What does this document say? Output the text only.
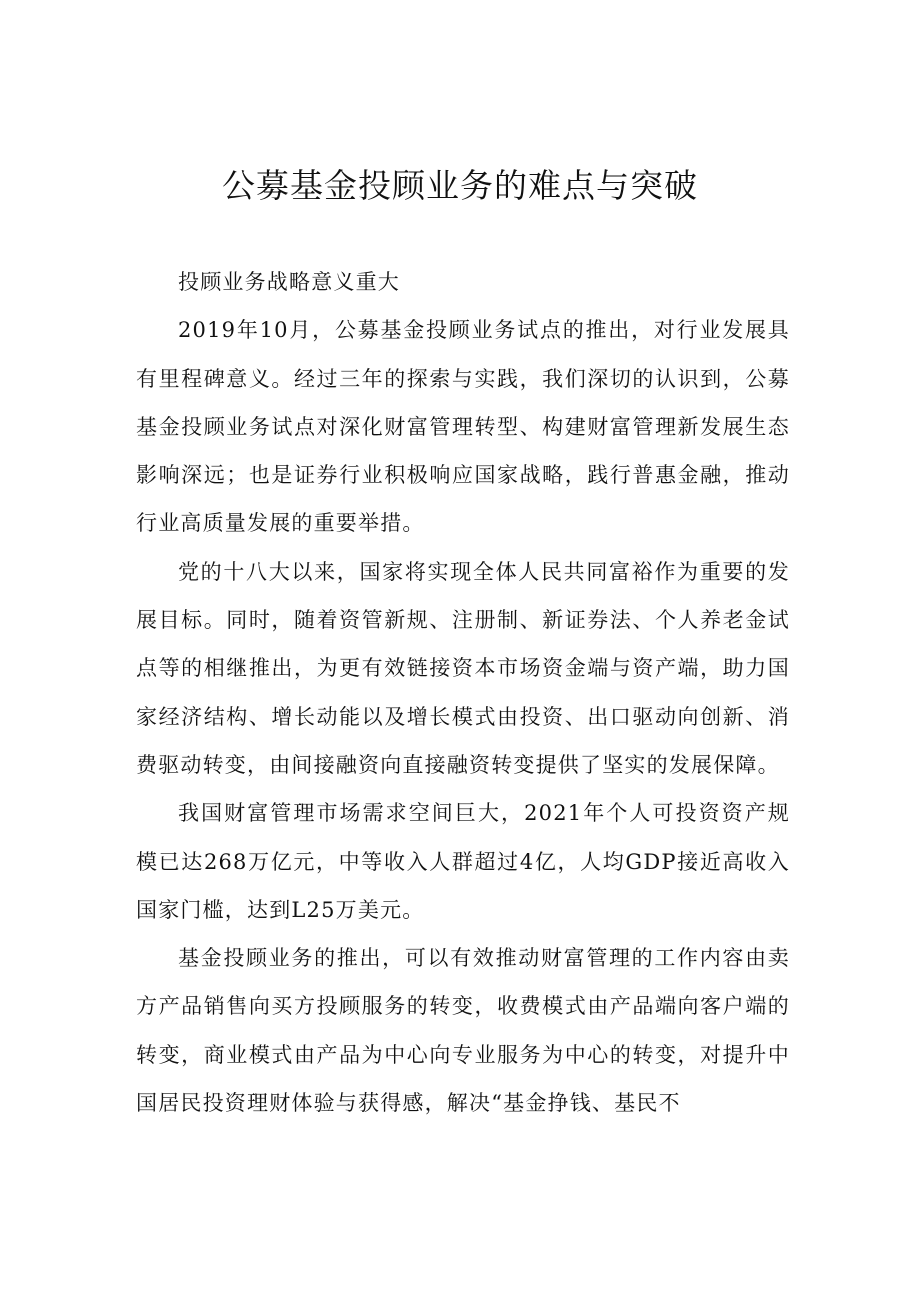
公募基金投顾业务的难点与突破

投顾业务战略意义重大

2019年10月，公募基金投顾业务试点的推出，对行业发展具有里程碑意义。经过三年的探索与实践，我们深切的认识到，公募基金投顾业务试点对深化财富管理转型、构建财富管理新发展生态影响深远；也是证券行业积极响应国家战略，践行普惠金融，推动行业高质量发展的重要举措。

党的十八大以来，国家将实现全体人民共同富裕作为重要的发展目标。同时，随着资管新规、注册制、新证券法、个人养老金试点等的相继推出，为更有效链接资本市场资金端与资产端，助力国家经济结构、增长动能以及增长模式由投资、出口驱动向创新、消费驱动转变，由间接融资向直接融资转变提供了坚实的发展保障。

我国财富管理市场需求空间巨大，2021年个人可投资资产规模已达268万亿元，中等收入人群超过4亿，人均GDP接近高收入国家门槛，达到L25万美元。

基金投顾业务的推出，可以有效推动财富管理的工作内容由卖方产品销售向买方投顾服务的转变，收费模式由产品端向客户端的转变，商业模式由产品为中心向专业服务为中心的转变，对提升中国居民投资理财体验与获得感，解决“基金挣钱、基民不
